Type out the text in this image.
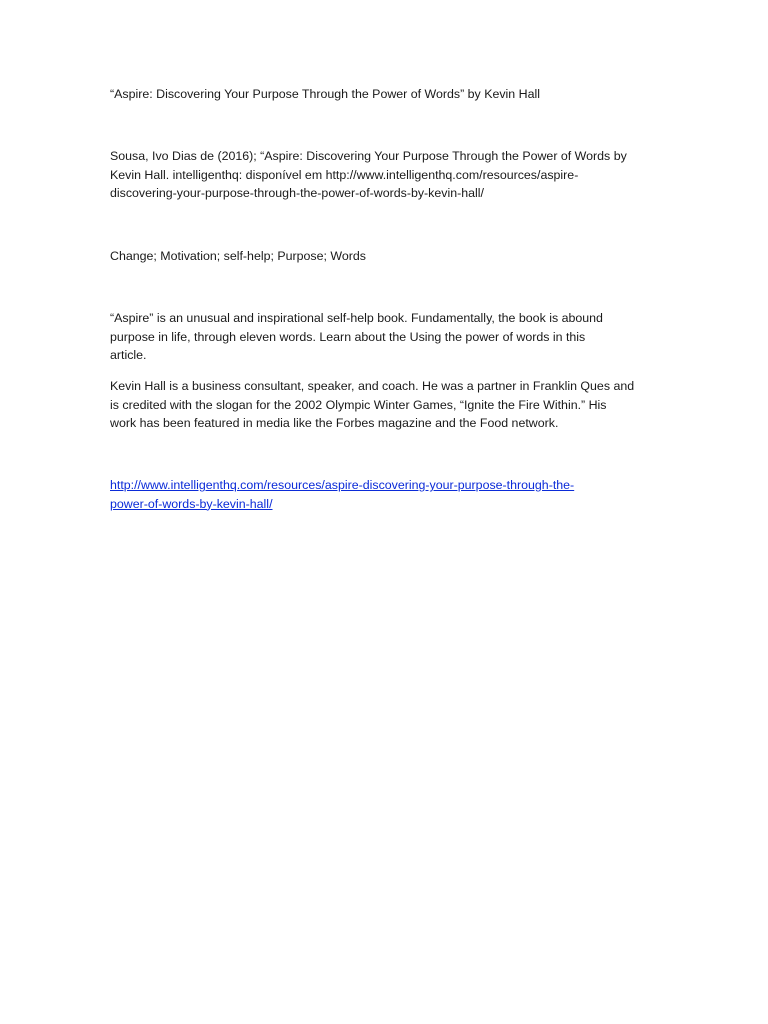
“Aspire: Discovering Your Purpose Through the Power of Words” by Kevin Hall

Sousa, Ivo Dias de (2016); “Aspire: Discovering Your Purpose Through the Power of Words by
Kevin Hall. intelligenthq: disponível em http://www.intelligenthq.com/resources/aspire-
discovering-your-purpose-through-the-power-of-words-by-kevin-hall/

Change; Motivation; self-help; Purpose; Words

“Aspire” is an unusual and inspirational self-help book. Fundamentally, the book is abound
purpose in life, through eleven words. Learn about the Using the power of words in this
article.

Kevin Hall is a business consultant, speaker, and coach. He was a partner in Franklin Ques and
is credited with the slogan for the 2002 Olympic Winter Games, “Ignite the Fire Within.” His
work has been featured in media like the Forbes magazine and the Food network.

http://www.intelligenthq.com/resources/aspire-discovering-your-purpose-through-the-
power-of-words-by-kevin-hall/
